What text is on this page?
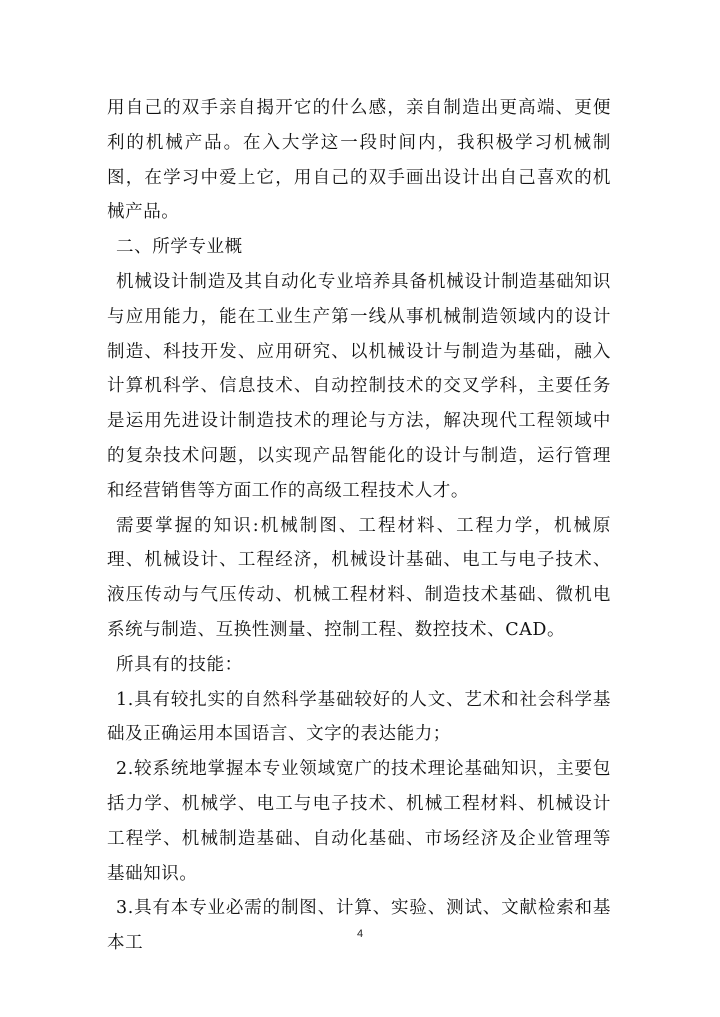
用自己的双手亲自揭开它的什么感，亲自制造出更高端、更便利的机械产品。在入大学这一段时间内，我积极学习机械制图，在学习中爱上它，用自己的双手画出设计出自己喜欢的机械产品。

二、所学专业概

机械设计制造及其自动化专业培养具备机械设计制造基础知识与应用能力，能在工业生产第一线从事机械制造领域内的设计制造、科技开发、应用研究、以机械设计与制造为基础，融入计算机科学、信息技术、自动控制技术的交叉学科，主要任务是运用先进设计制造技术的理论与方法，解决现代工程领域中的复杂技术问题，以实现产品智能化的设计与制造，运行管理和经营销售等方面工作的高级工程技术人才。

需要掌握的知识:机械制图、工程材料、工程力学，机械原理、机械设计、工程经济，机械设计基础、电工与电子技术、液压传动与气压传动、机械工程材料、制造技术基础、微机电系统与制造、互换性测量、控制工程、数控技术、CAD。

所具有的技能：

1.具有较扎实的自然科学基础较好的人文、艺术和社会科学基础及正确运用本国语言、文字的表达能力；

2.较系统地掌握本专业领域宽广的技术理论基础知识，主要包括力学、机械学、电工与电子技术、机械工程材料、机械设计工程学、机械制造基础、自动化基础、市场经济及企业管理等基础知识。

3.具有本专业必需的制图、计算、实验、测试、文献检索和基本工	4
